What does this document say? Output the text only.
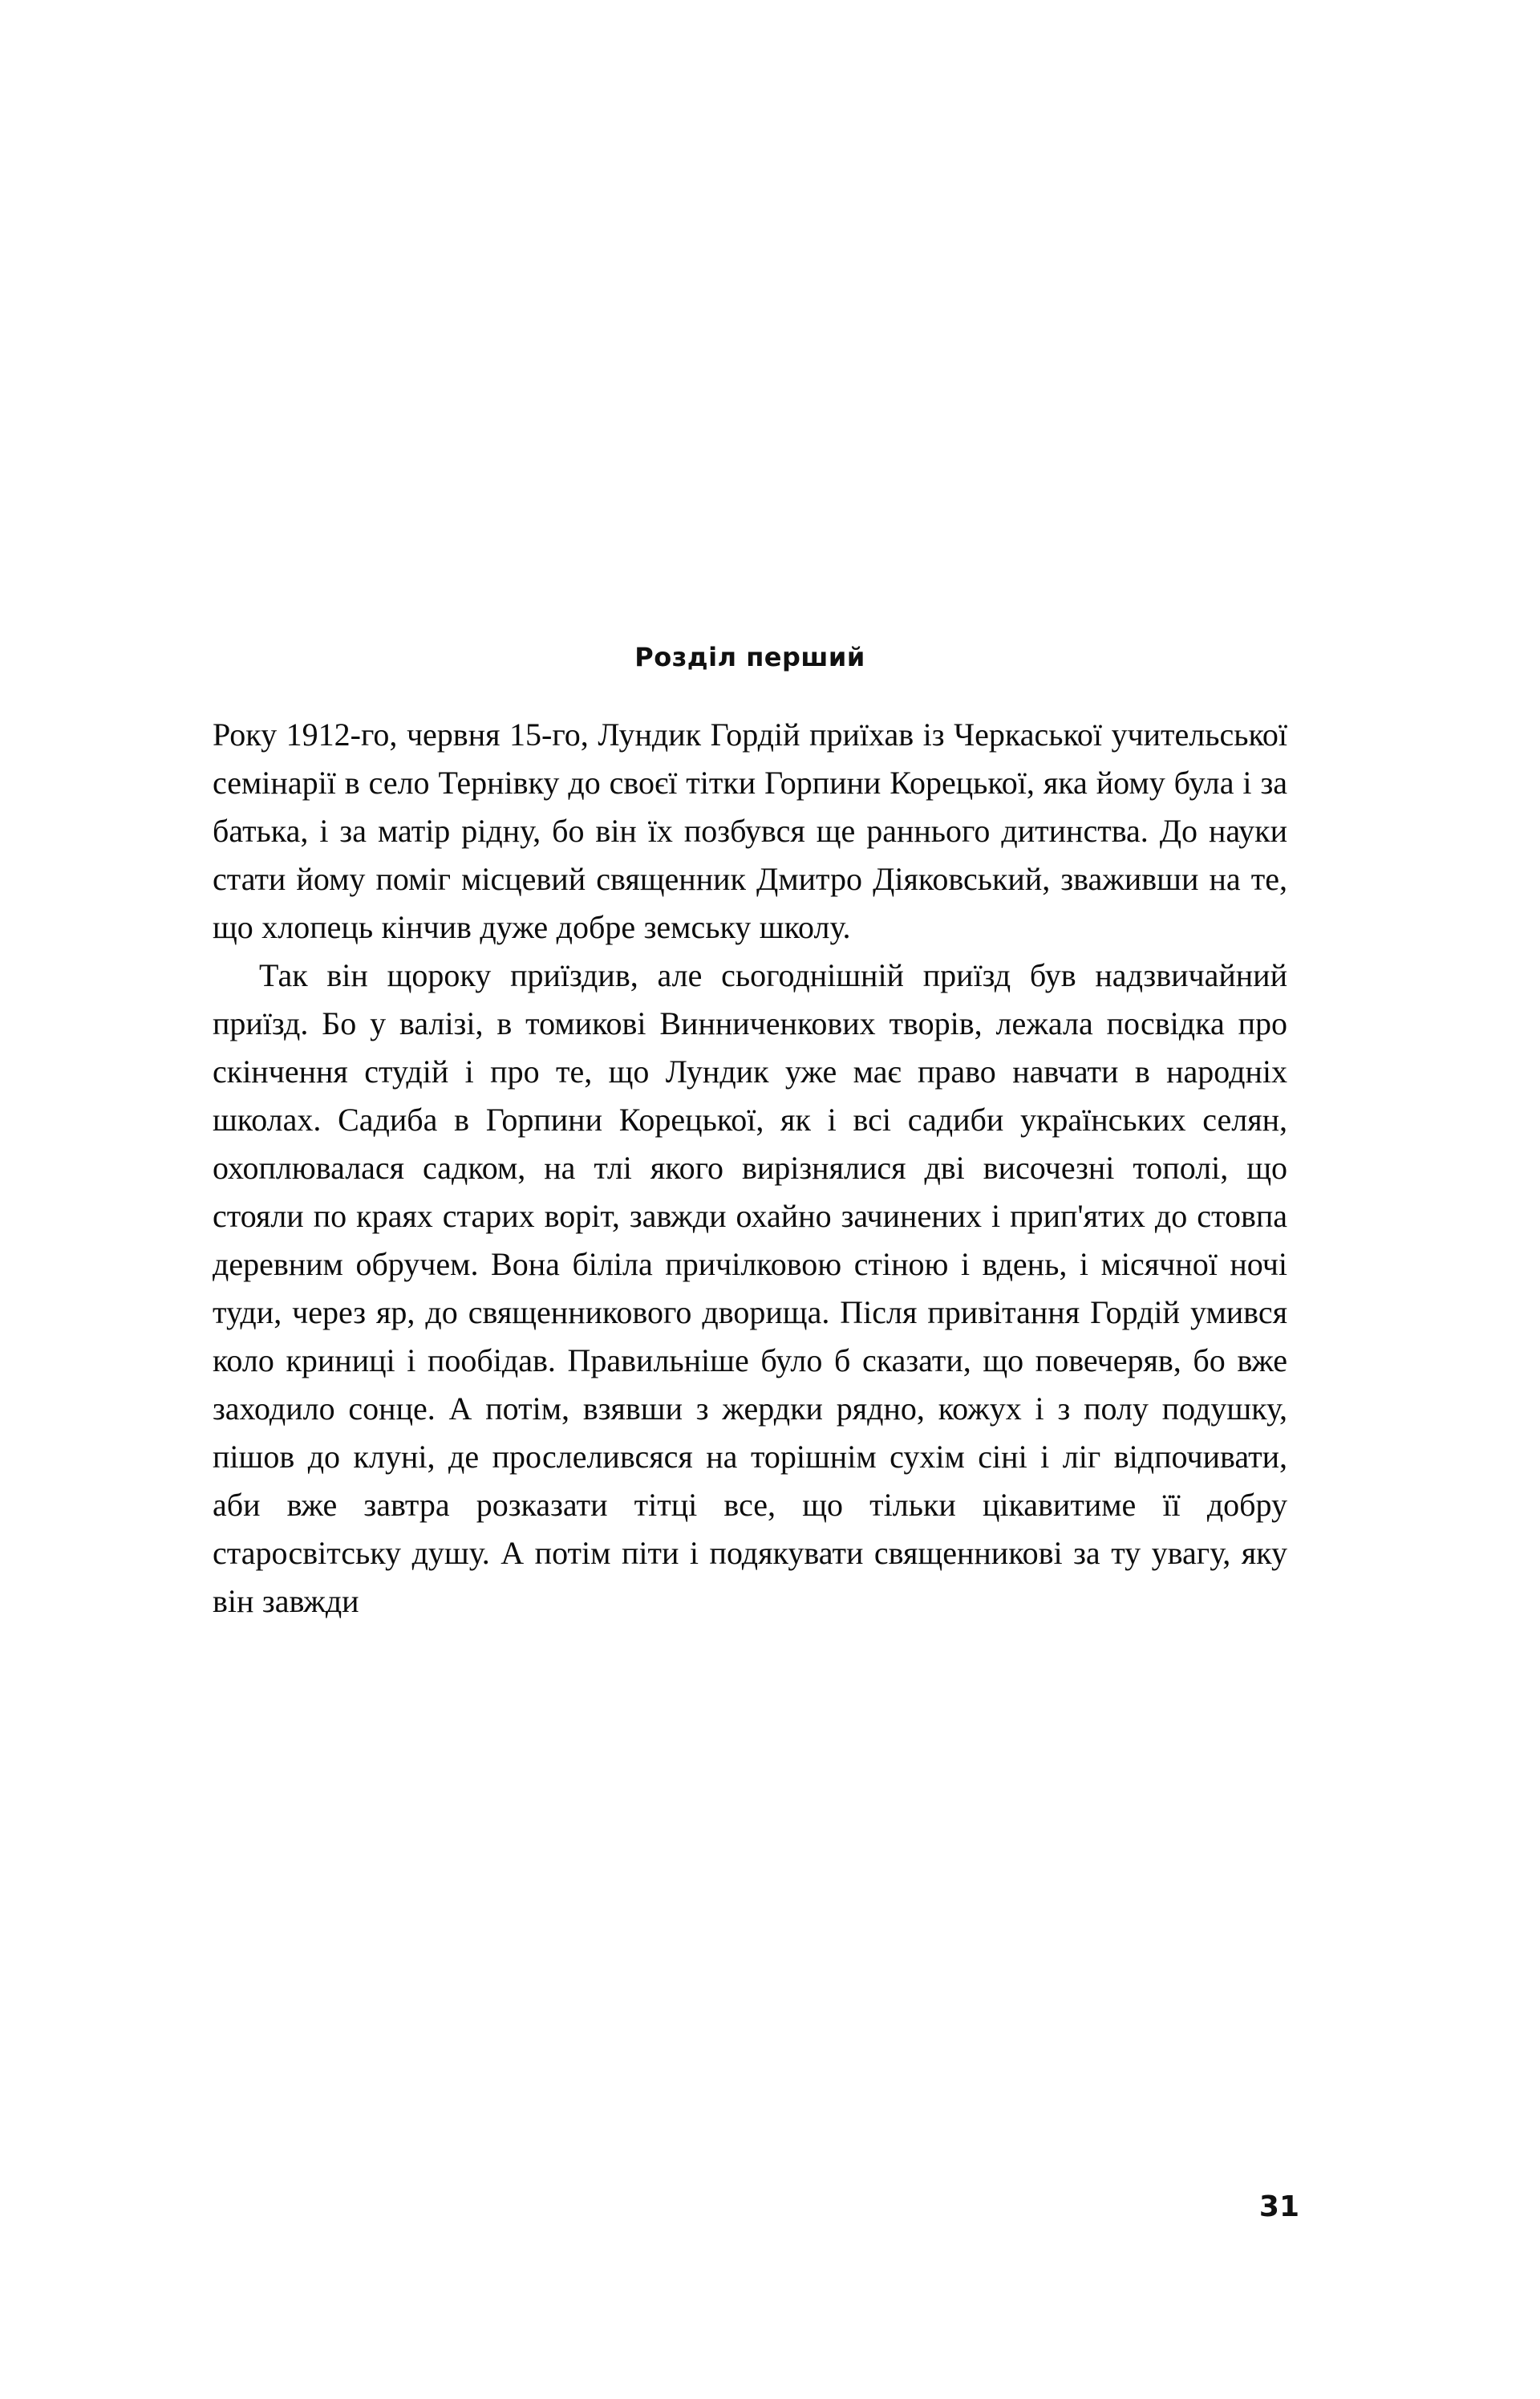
Розділ перший

Року 1912-го, червня 15-го, Лундик Гордій приїхав із Черкаської учительської семінарії в село Тернівку до своєї тітки Горпини Корецької, яка йому була і за батька, і за матір рідну, бо він їх позбувся ще раннього дитинства. До науки стати йому поміг місцевий священник Дмитро Діяковський, зваживши на те, що хлопець кінчив дуже добре земську школу.

Так він щороку приїздив, але сьогоднішній приїзд був надзвичайний приїзд. Бо у валізі, в томикові Винниченкових творів, лежала посвідка про скінчення студій і про те, що Лундик уже має право навчати в народніх школах. Садиба в Горпини Корецької, як і всі садиби українських селян, охоплювалася садком, на тлі якого вирізнялися дві височезні тополі, що стояли по краях старих воріт, завжди охайно зачинених і прип'ятих до стовпа деревним обручем. Вона біліла причілковою стіною і вдень, і місячної ночі туди, через яр, до священникового дворища. Після привітання Гордій умився коло криниці і пообідав. Правильніше було б сказати, що повечеряв, бо вже заходило сонце. А потім, взявши з жердки рядно, кожух і з полу подушку, пішов до клуні, де прослеливсяся на торішнім сухім сіні і ліг відпочивати, аби вже завтра розказати тітці все, що тільки цікавитиме її добру старосвітську душу. А потім піти і подякувати священникові за ту увагу, яку він завжди

31
